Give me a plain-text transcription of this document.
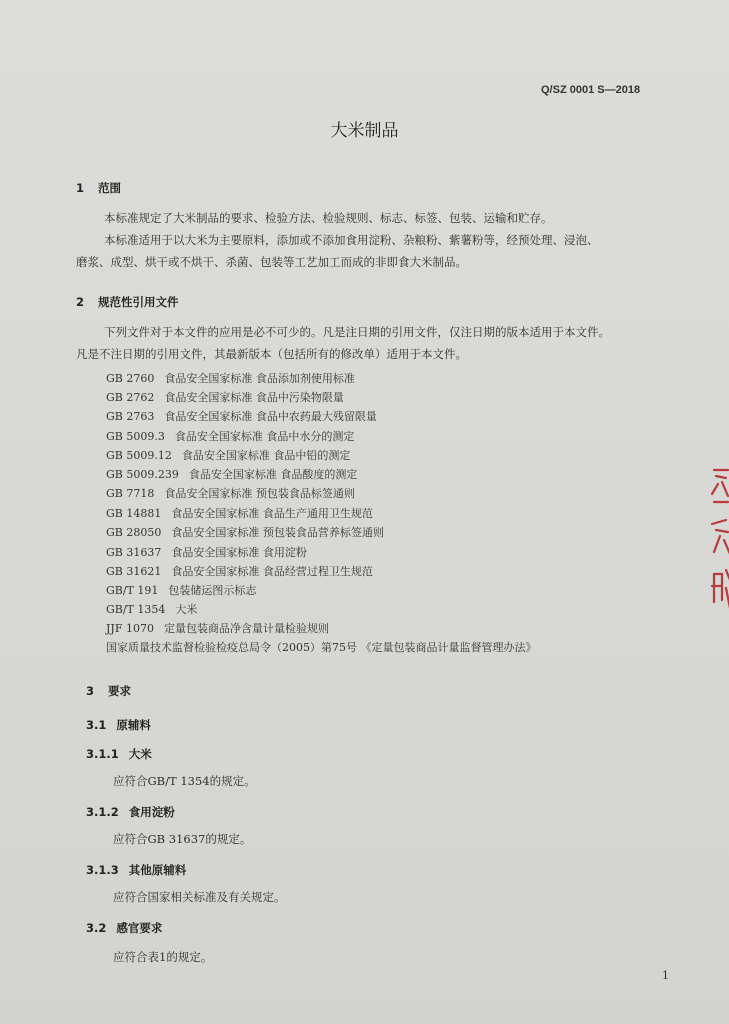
Q/SZ 0001 S—2018
大米制品
1 范围
本标准规定了大米制品的要求、检验方法、检验规则、标志、标签、包装、运输和贮存。
本标准适用于以大米为主要原料，添加或不添加食用淀粉、杂粮粉、紫薯粉等，经预处理、浸泡、
磨浆、成型、烘干或不烘干、杀菌、包装等工艺加工而成的非即食大米制品。
2 规范性引用文件
下列文件对于本文件的应用是必不可少的。凡是注日期的引用文件，仅注日期的版本适用于本文件。
凡是不注日期的引用文件，其最新版本（包括所有的修改单）适用于本文件。
GB 2760 食品安全国家标准 食品添加剂使用标准
GB 2762 食品安全国家标准 食品中污染物限量
GB 2763 食品安全国家标准 食品中农药最大残留限量
GB 5009.3 食品安全国家标准 食品中水分的测定
GB 5009.12 食品安全国家标准 食品中铅的测定
GB 5009.239 食品安全国家标准 食品酸度的测定
GB 7718 食品安全国家标准 预包装食品标签通则
GB 14881 食品安全国家标准 食品生产通用卫生规范
GB 28050 食品安全国家标准 预包装食品营养标签通则
GB 31637 食品安全国家标准 食用淀粉
GB 31621 食品安全国家标准 食品经营过程卫生规范
GB/T 191 包装储运图示标志
GB/T 1354 大米
JJF 1070 定量包装商品净含量计量检验规则
国家质量技术监督检验检疫总局令（2005）第75号 《定量包装商品计量监督管理办法》
3 要求
3.1 原辅料
3.1.1 大米
应符合GB/T 1354的规定。
3.1.2 食用淀粉
应符合GB 31637的规定。
3.1.3 其他原辅料
应符合国家相关标准及有关规定。
3.2 感官要求
应符合表1的规定。
1
